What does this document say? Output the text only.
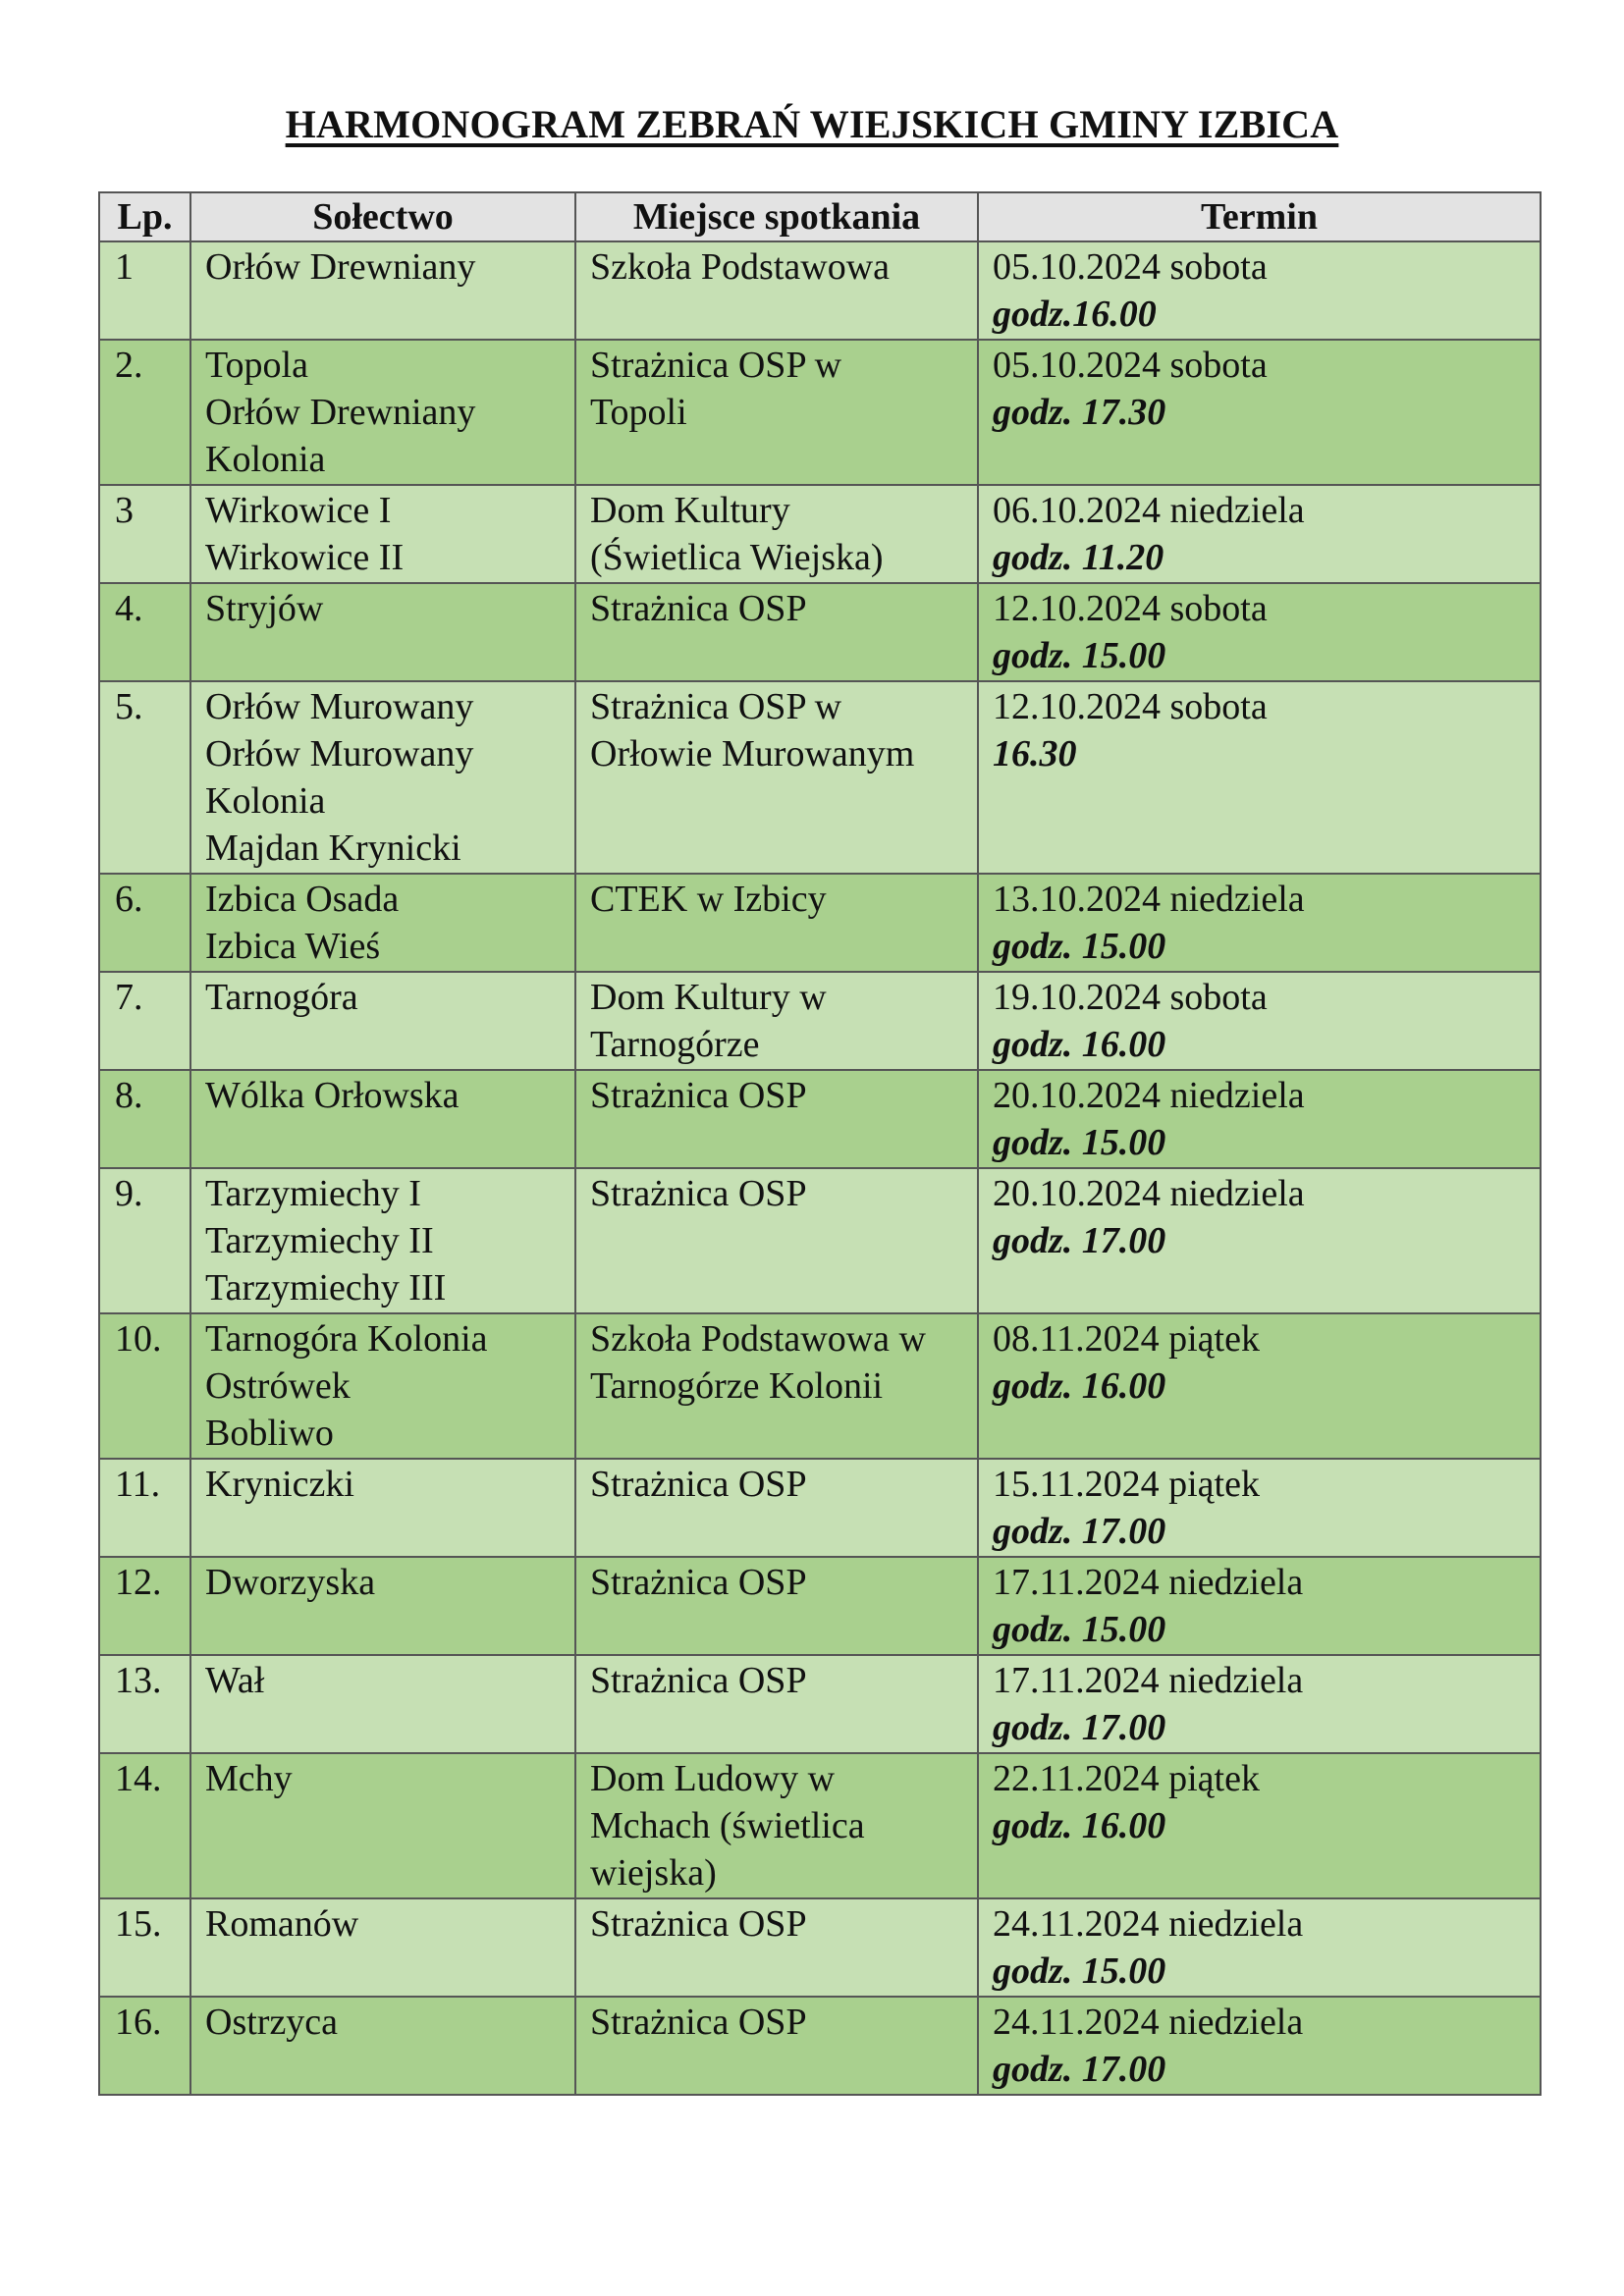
HARMONOGRAM ZEBRAŃ WIEJSKICH GMINY IZBICA
Lp.	Sołectwo	Miejsce spotkania	Termin
1	Orłów Drewniany	Szkoła Podstawowa	05.10.2024 sobota
godz.16.00

2.	Topola
Orłów Drewniany
Kolonia	Strażnica OSP w
Topoli	05.10.2024 sobota
godz. 17.30

3	Wirkowice I
Wirkowice II	Dom Kultury
(Świetlica Wiejska)	06.10.2024 niedziela
godz. 11.20

4.	Stryjów	Strażnica OSP	12.10.2024 sobota
godz. 15.00

5.	Orłów Murowany
Orłów Murowany
Kolonia
Majdan Krynicki	Strażnica OSP w
Orłowie Murowanym	12.10.2024 sobota
16.30

6.	Izbica Osada
Izbica Wieś	CTEK w Izbicy	13.10.2024 niedziela
godz. 15.00

7.	Tarnogóra	Dom Kultury w
Tarnogórze	19.10.2024 sobota
godz. 16.00

8.	Wólka Orłowska	Strażnica OSP	20.10.2024 niedziela
godz. 15.00

9.	Tarzymiechy I
Tarzymiechy II
Tarzymiechy III	Strażnica OSP	20.10.2024 niedziela
godz. 17.00

10.	Tarnogóra Kolonia
Ostrówek
Bobliwo	Szkoła Podstawowa w
Tarnogórze Kolonii	08.11.2024 piątek
godz. 16.00

11.	Kryniczki	Strażnica OSP	15.11.2024 piątek
godz. 17.00

12.	Dworzyska	Strażnica OSP	17.11.2024 niedziela
godz. 15.00

13.	Wał	Strażnica OSP	17.11.2024 niedziela
godz. 17.00

14.	Mchy	Dom Ludowy w
Mchach (świetlica
wiejska)	22.11.2024 piątek
godz. 16.00

15.	Romanów	Strażnica OSP	24.11.2024 niedziela
godz. 15.00

16.	Ostrzyca	Strażnica OSP	24.11.2024 niedziela
godz. 17.00
